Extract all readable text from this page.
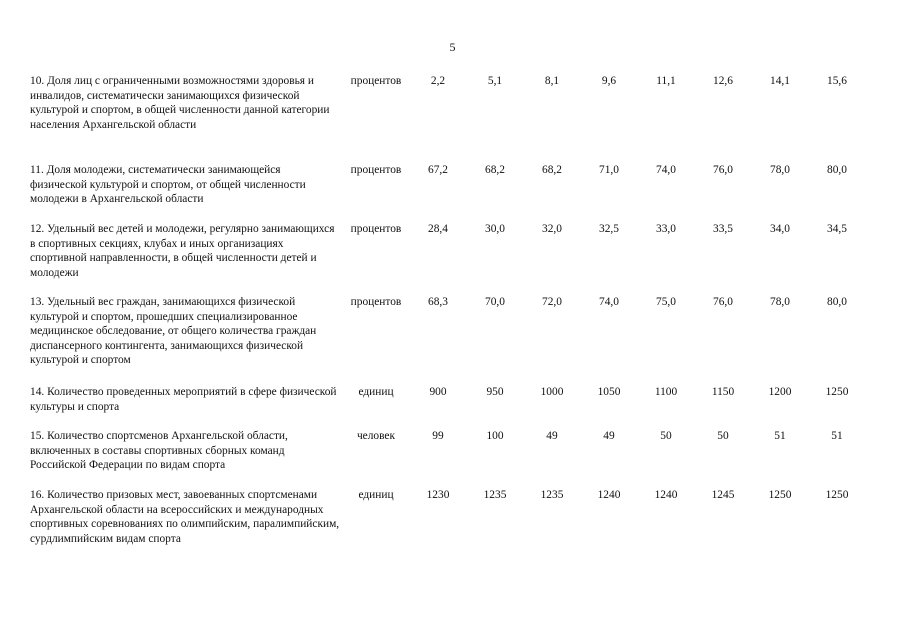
5
10. Доля лиц с ограниченными возможностями здоровья и инвалидов, систематически занимающихся физической культурой и спортом, в общей численности данной категории населения Архангельской области
процентов	2,2	5,1	8,1	9,6	11,1	12,6	14,1	15,6
11. Доля молодежи, систематически занимающейся физической культурой и спортом, от общей численности молодежи в Архангельской области
процентов	67,2	68,2	68,2	71,0	74,0	76,0	78,0	80,0
12. Удельный вес детей и молодежи, регулярно занимающихся в спортивных секциях, клубах и иных организациях спортивной направленности, в общей численности детей и молодежи
процентов	28,4	30,0	32,0	32,5	33,0	33,5	34,0	34,5
13. Удельный вес граждан, занимающихся физической культурой и спортом, прошедших специализированное медицинское обследование, от общего количества граждан диспансерного контингента, занимающихся физической культурой и спортом
процентов	68,3	70,0	72,0	74,0	75,0	76,0	78,0	80,0
14. Количество проведенных мероприятий в сфере физической культуры и спорта
единиц	900	950	1000	1050	1100	1150	1200	1250
15. Количество спортсменов Архангельской области, включенных в составы спортивных сборных команд Российской Федерации по видам спорта
человек	99	100	49	49	50	50	51	51
16. Количество призовых мест, завоеванных спортсменами Архангельской области на всероссийских и международных спортивных соревнованиях по олимпийским, паралимпийским, сурдлимпийским видам спорта
единиц	1230	1235	1235	1240	1240	1245	1250	1250
